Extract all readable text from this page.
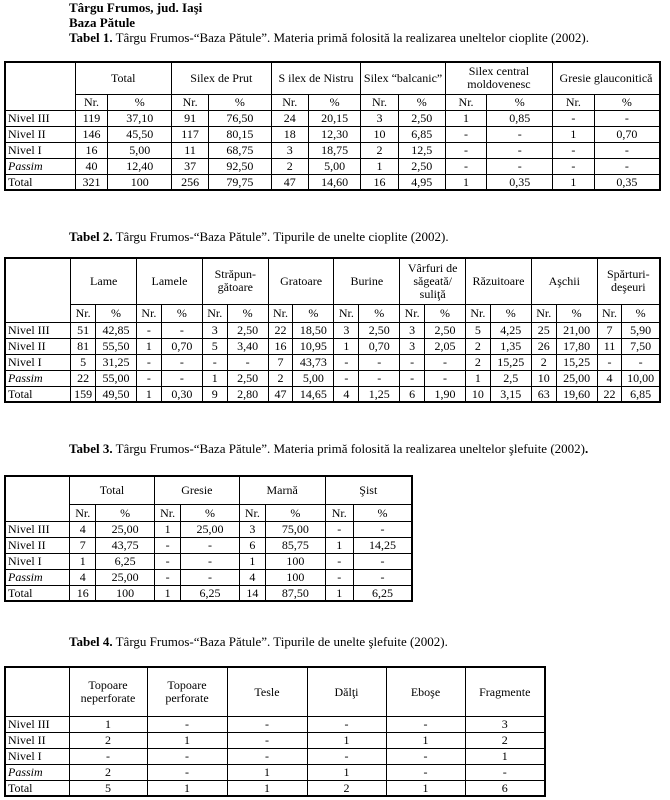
Târgu Frumos, jud. Iaşi
Baza Pătule
Tabel 1. Târgu Frumos-“Baza Pătule”. Materia primă folosită la realizarea uneltelor cioplite (2002).
	Total		Silex de Prut		S ilex de Nistru		Silex “balcanic”		Silex central moldovenesc		Gresie glauconitică	
	Nr.	%	Nr.	%	Nr.	%	Nr.	%	Nr.	%	Nr.	%
Nivel III	119	37,10	91	76,50	24	20,15	3	2,50	1	0,85	-	-
Nivel II	146	45,50	117	80,15	18	12,30	10	6,85	-	-	1	0,70
Nivel I	16	5,00	11	68,75	3	18,75	2	12,5	-	-	-	-
Passim	40	12,40	37	92,50	2	5,00	1	2,50	-	-	-	-
Total	321	100	256	79,75	47	14,60	16	4,95	1	0,35	1	0,35
Tabel 2. Târgu Frumos-“Baza Pătule”. Tipurile de unelte cioplite (2002).
	Lame		Lamele		Străpun- gătoare		Gratoare		Burine		Vârfuri de săgeată/ suliţă		Răzuitoare		Aşchii		Spărturi- deşeuri	
	Nr.	%	Nr.	%	Nr.	%	Nr.	%	Nr.	%	Nr.	%	Nr.	%	Nr.	%	Nr.	%
Nivel III	51	42,85	-	-	3	2,50	22	18,50	3	2,50	3	2,50	5	4,25	25	21,00	7	5,90
Nivel II	81	55,50	1	0,70	5	3,40	16	10,95	1	0,70	3	2,05	2	1,35	26	17,80	11	7,50
Nivel I	5	31,25	-	-	-	-	7	43,73	-	-	-	-	2	15,25	2	15,25	-	-
Passim	22	55,00	-	-	1	2,50	2	5,00	-	-	-	-	1	2,5	10	25,00	4	10,00
Total	159	49,50	1	0,30	9	2,80	47	14,65	4	1,25	6	1,90	10	3,15	63	19,60	22	6,85
Tabel 3. Târgu Frumos-“Baza Pătule”. Materia primă folosită la realizarea uneltelor şlefuite (2002).
	Total		Gresie		Marnă		Şist	
	Nr.	%	Nr.	%	Nr.	%	Nr.	%
Nivel III	4	25,00	1	25,00	3	75,00	-	-
Nivel II	7	43,75	-	-	6	85,75	1	14,25
Nivel I	1	6,25	-	-	1	100	-	-
Passim	4	25,00	-	-	4	100	-	-
Total	16	100	1	6,25	14	87,50	1	6,25
Tabel 4. Târgu Frumos-“Baza Pătule”. Tipurile de unelte şlefuite (2002).
	Topoare neperforate	Topoare perforate	Tesle	Dălţi	Eboşe	Fragmente
Nivel III	1	-	-	-	-	3
Nivel II	2	1	-	1	1	2
Nivel I	-	-	-	-	-	1
Passim	2	-	1	1	-	-
Total	5	1	1	2	1	6
